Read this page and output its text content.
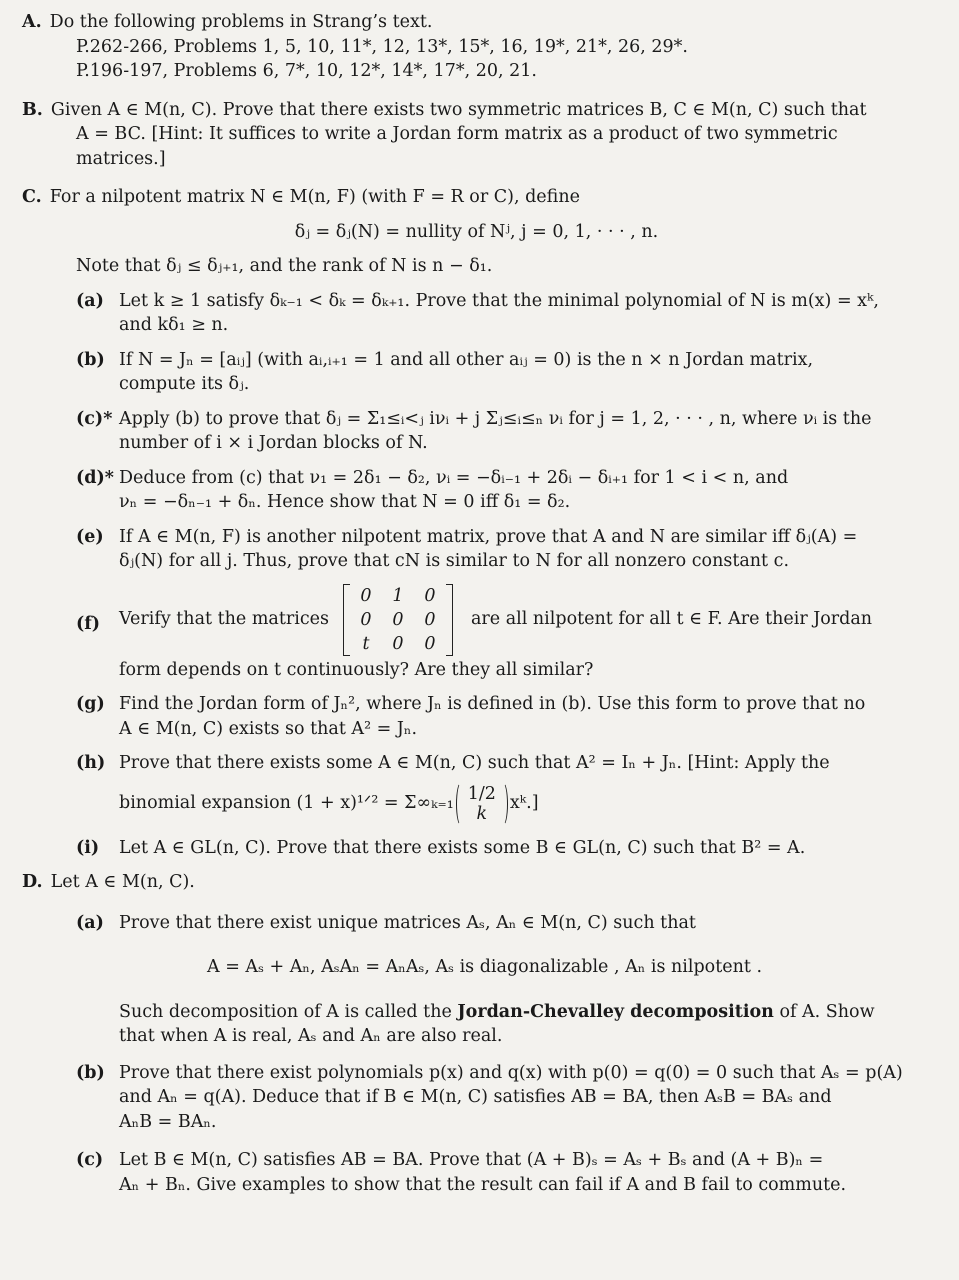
A. Do the following problems in Strang’s text.
P.262-266, Problems 1, 5, 10, 11*, 12, 13*, 15*, 16, 19*, 21*, 26, 29*.
P.196-197, Problems 6, 7*, 10, 12*, 14*, 17*, 20, 21.
B. Given A ∈ M(n, C). Prove that there exists two symmetric matrices B, C ∈ M(n, C) such that
A = BC. [Hint: It suffices to write a Jordan form matrix as a product of two symmetric
matrices.]
C. For a nilpotent matrix N ∈ M(n, F) (with F = R or C), define
δⱼ = δⱼ(N) = nullity of Nʲ, j = 0, 1, · · · , n.
Note that δⱼ ≤ δⱼ₊₁, and the rank of N is n − δ₁.
(a) Let k ≥ 1 satisfy δₖ₋₁ < δₖ = δₖ₊₁. Prove that the minimal polynomial of N is m(x) = xᵏ,
and kδ₁ ≥ n.
(b) If N = Jₙ = [aᵢⱼ] (with aᵢ,ᵢ₊₁ = 1 and all other aᵢⱼ = 0) is the n × n Jordan matrix,
compute its δⱼ.
(c)* Apply (b) to prove that δⱼ = Σ₁≤ᵢ<ⱼ iνᵢ + j Σⱼ≤ᵢ≤ₙ νᵢ for j = 1, 2, · · · , n, where νᵢ is the
number of i × i Jordan blocks of N.
(d)* Deduce from (c) that ν₁ = 2δ₁ − δ₂, νᵢ = −δᵢ₋₁ + 2δᵢ − δᵢ₊₁ for 1 < i < n, and
νₙ = −δₙ₋₁ + δₙ. Hence show that N = 0 iff δ₁ = δ₂.
(e) If A ∈ M(n, F) is another nilpotent matrix, prove that A and N are similar iff δⱼ(A) =
δⱼ(N) for all j. Thus, prove that cN is similar to N for all nonzero constant c.
(f) Verify that the matrices
0	1	0
0	0	0
t	0	0
are all nilpotent for all t ∈ F. Are their Jordan
form depends on t continuously? Are they all similar?
(g) Find the Jordan form of Jₙ², where Jₙ is defined in (b). Use this form to prove that no
A ∈ M(n, C) exists so that A² = Jₙ.
(h) Prove that there exists some A ∈ M(n, C) such that A² = Iₙ + Jₙ. [Hint: Apply the
binomial expansion (1 + x)¹ᐟ² = Σ∞ₖ₌₁ 1/2
k
xᵏ.]
(i) Let A ∈ GL(n, C). Prove that there exists some B ∈ GL(n, C) such that B² = A.
D. Let A ∈ M(n, C).
(a) Prove that there exist unique matrices Aₛ, Aₙ ∈ M(n, C) such that
A = Aₛ + Aₙ, AₛAₙ = AₙAₛ, Aₛ is diagonalizable , Aₙ is nilpotent .
Such decomposition of A is called the Jordan-Chevalley decomposition of A. Show
that when A is real, Aₛ and Aₙ are also real.
(b) Prove that there exist polynomials p(x) and q(x) with p(0) = q(0) = 0 such that Aₛ = p(A)
and Aₙ = q(A). Deduce that if B ∈ M(n, C) satisfies AB = BA, then AₛB = BAₛ and
AₙB = BAₙ.
(c) Let B ∈ M(n, C) satisfies AB = BA. Prove that (A + B)ₛ = Aₛ + Bₛ and (A + B)ₙ =
Aₙ + Bₙ. Give examples to show that the result can fail if A and B fail to commute.
